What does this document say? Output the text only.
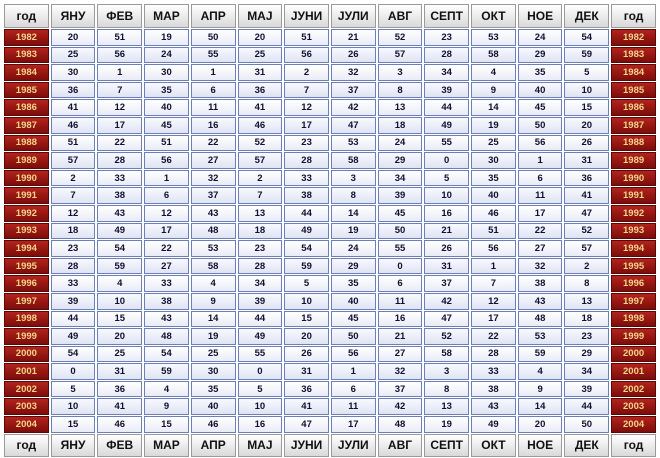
год	ЯНУ	ФЕВ	МАР	АПР	МАЈ	ЈУНИ	ЈУЛИ	АВГ	СЕПТ	ОКТ	НОЕ	ДЕК	год
1982	20	51	19	50	20	51	21	52	23	53	24	54	1982
1983	25	56	24	55	25	56	26	57	28	58	29	59	1983
1984	30	1	30	1	31	2	32	3	34	4	35	5	1984
1985	36	7	35	6	36	7	37	8	39	9	40	10	1985
1986	41	12	40	11	41	12	42	13	44	14	45	15	1986
1987	46	17	45	16	46	17	47	18	49	19	50	20	1987
1988	51	22	51	22	52	23	53	24	55	25	56	26	1988
1989	57	28	56	27	57	28	58	29	0	30	1	31	1989
1990	2	33	1	32	2	33	3	34	5	35	6	36	1990
1991	7	38	6	37	7	38	8	39	10	40	11	41	1991
1992	12	43	12	43	13	44	14	45	16	46	17	47	1992
1993	18	49	17	48	18	49	19	50	21	51	22	52	1993
1994	23	54	22	53	23	54	24	55	26	56	27	57	1994
1995	28	59	27	58	28	59	29	0	31	1	32	2	1995
1996	33	4	33	4	34	5	35	6	37	7	38	8	1996
1997	39	10	38	9	39	10	40	11	42	12	43	13	1997
1998	44	15	43	14	44	15	45	16	47	17	48	18	1998
1999	49	20	48	19	49	20	50	21	52	22	53	23	1999
2000	54	25	54	25	55	26	56	27	58	28	59	29	2000
2001	0	31	59	30	0	31	1	32	3	33	4	34	2001
2002	5	36	4	35	5	36	6	37	8	38	9	39	2002
2003	10	41	9	40	10	41	11	42	13	43	14	44	2003
2004	15	46	15	46	16	47	17	48	19	49	20	50	2004
год	ЯНУ	ФЕВ	МАР	АПР	МАЈ	ЈУНИ	ЈУЛИ	АВГ	СЕПТ	ОКТ	НОЕ	ДЕК	год
